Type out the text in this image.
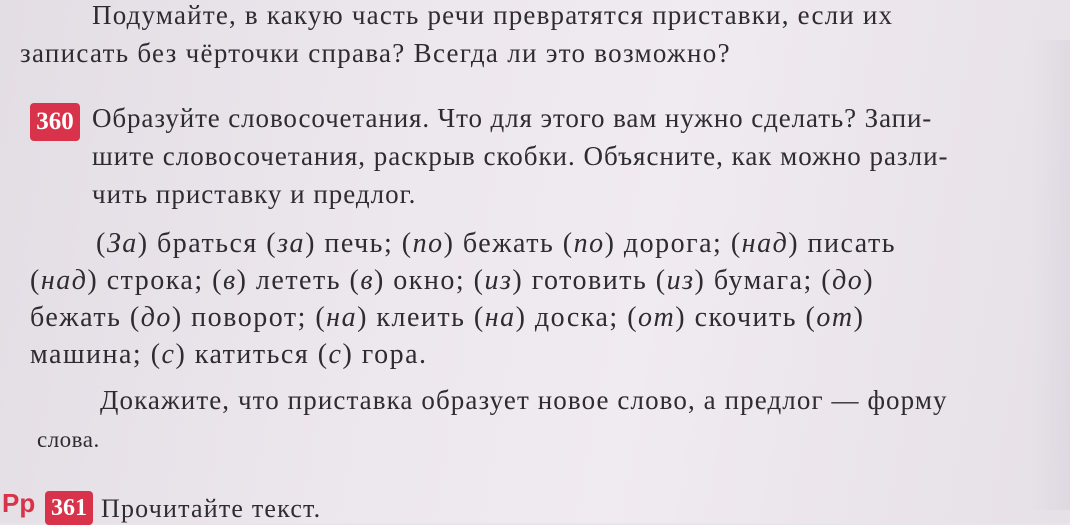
Подумайте, в какую часть речи превратятся приставки, если их
записать без чёрточки справа? Всегда ли это возможно?
360 Образуйте словосочетания. Что для этого вам нужно сделать? Запи-
шите словосочетания, раскрыв скобки. Объясните, как можно разли-
чить приставку и предлог.
(За) браться (за) печь; (по) бежать (по) дорога; (над) писать
(над) строка; (в) лететь (в) окно; (из) готовить (из) бумага; (до)
бежать (до) поворот; (на) клеить (на) доска; (от) скочить (от)
машина; (с) катиться (с) гора.
Докажите, что приставка образует новое слово, а предлог — форму
слова.
Рр 361 Прочитайте текст.
